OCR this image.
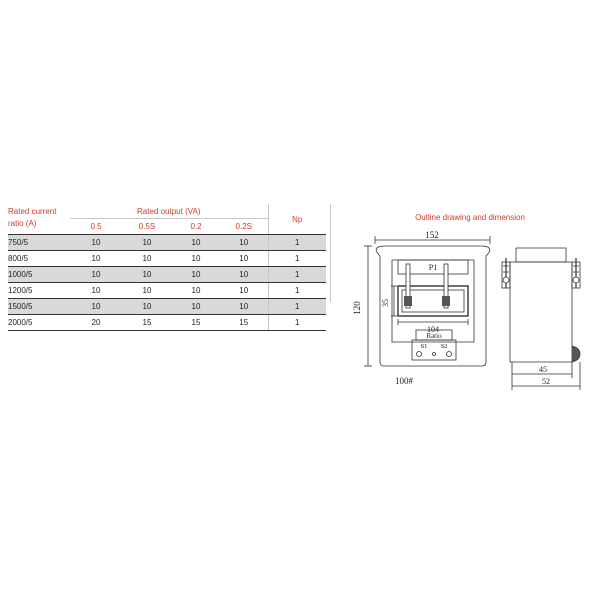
Rated current ratio (A)	Rated output (VA)				Np
	0.5	0.5S	0.2	0.2S	
750/5	10	10	10	10	1
800/5	10	10	10	10	1
1000/5	10	10	10	10	1
1200/5	10	10	10	10	1
1500/5	10	10	10	10	1
2000/5	20	15	15	15	1
Outline drawing and dimension
152
P1
120 35
104
Ratio
S1 S2
100#
45
52
